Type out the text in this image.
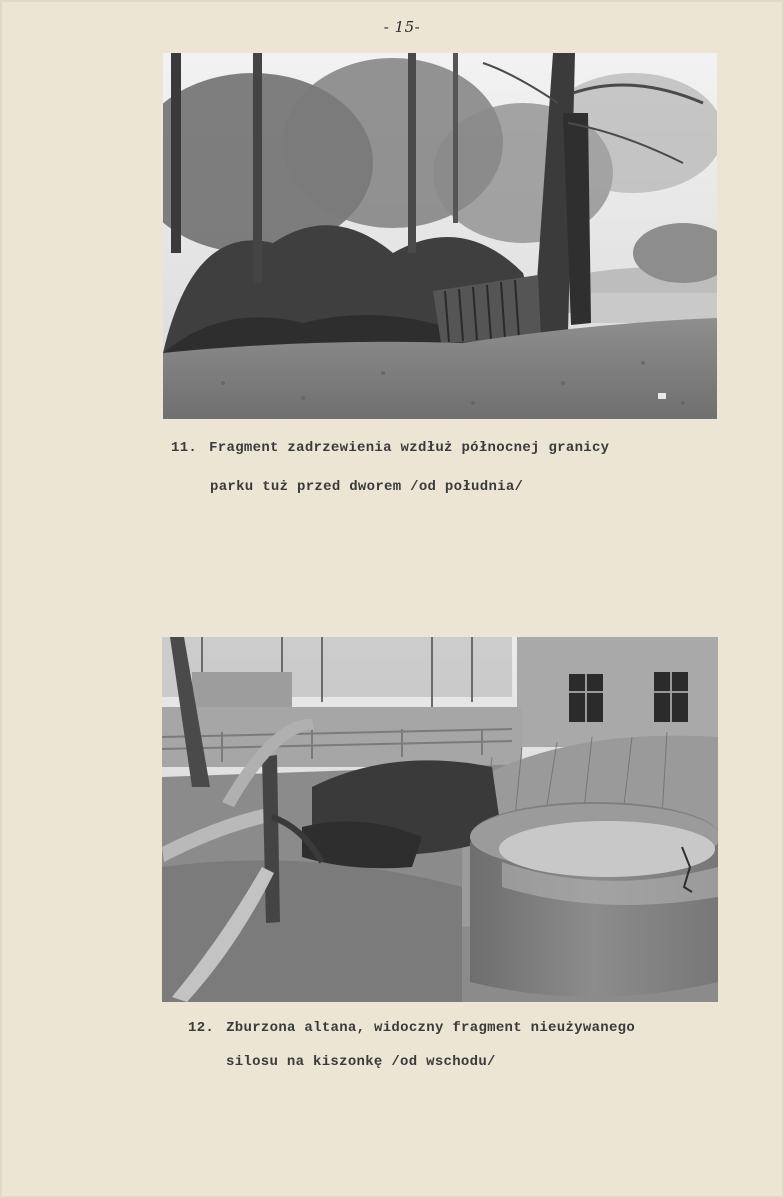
- 15-
11. Fragment zadrzewienia wzdłuż północnej granicy
parku tuż przed dworem /od południa/
12. Zburzona altana, widoczny fragment nieużywanego
silosu na kiszonkę /od wschodu/
